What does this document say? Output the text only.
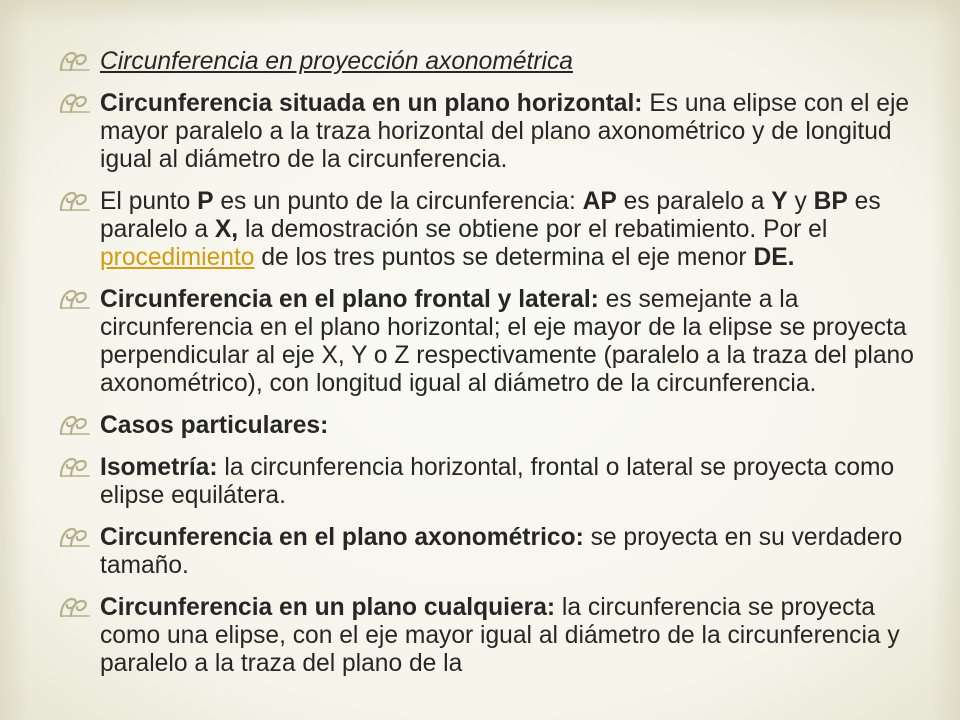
Circunferencia en proyección axonométrica
Circunferencia situada en un plano horizontal: Es una elipse con el eje mayor paralelo a la traza horizontal del plano axonométrico y de longitud igual al diámetro de la circunferencia.
El punto P es un punto de la circunferencia: AP es paralelo a Y y BP es paralelo a X, la demostración se obtiene por el rebatimiento. Por el procedimiento de los tres puntos se determina el eje menor DE.
Circunferencia en el plano frontal y lateral: es semejante a la circunferencia en el plano horizontal; el eje mayor de la elipse se proyecta perpendicular al eje X, Y o Z respectivamente (paralelo a la traza del plano axonométrico), con longitud igual al diámetro de la circunferencia.
Casos particulares:
Isometría: la circunferencia horizontal, frontal o lateral se proyecta como elipse equilátera.
Circunferencia en el plano axonométrico: se proyecta en su verdadero tamaño.
Circunferencia en un plano cualquiera: la circunferencia se proyecta como una elipse, con el eje mayor igual al diámetro de la circunferencia y paralelo a la traza del plano de la
